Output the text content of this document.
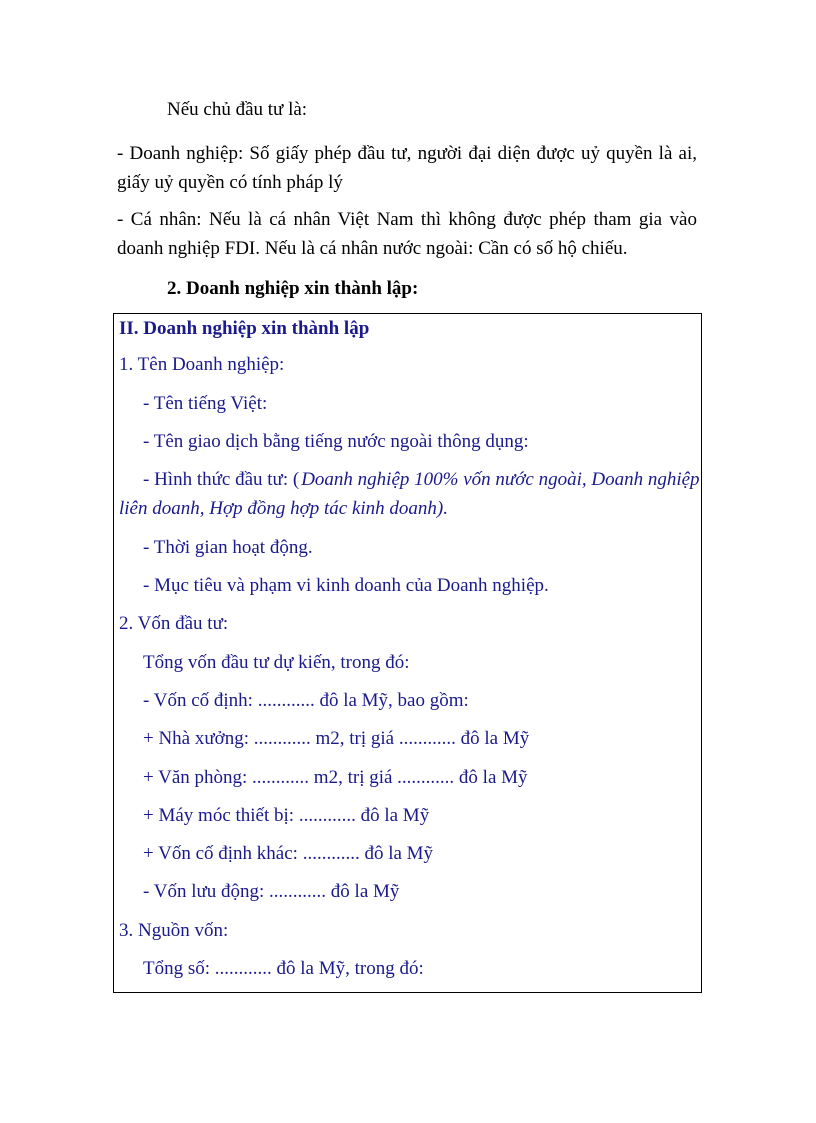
Nếu chủ đầu tư là:
- Doanh nghiệp: Số giấy phép đầu tư, người đại diện được uỷ quyền là ai,
giấy uỷ quyền có tính pháp lý
- Cá nhân: Nếu là cá nhân Việt Nam thì không được phép tham gia vào
doanh nghiệp FDI. Nếu là cá nhân nước ngoài: Cần có số hộ chiếu.
2. Doanh nghiệp xin thành lập:
II. Doanh nghiệp xin thành lập
1. Tên Doanh nghiệp:
- Tên tiếng Việt:
- Tên giao dịch bằng tiếng nước ngoài thông dụng:
- Hình thức đầu tư: ( Doanh nghiệp 100% vốn nước ngoài, Doanh nghiệp
liên doanh, Hợp đồng hợp tác kinh doanh).
- Thời gian hoạt động.
- Mục tiêu và phạm vi kinh doanh của Doanh nghiệp.
2. Vốn đầu tư:
Tổng vốn đầu tư dự kiến, trong đó:
- Vốn cố định: ............ đô la Mỹ, bao gồm:
+ Nhà xưởng: ............ m2, trị giá ............ đô la Mỹ
+ Văn phòng: ............ m2, trị giá ............ đô la Mỹ
+ Máy móc thiết bị: ............ đô la Mỹ
+ Vốn cố định khác: ............ đô la Mỹ
- Vốn lưu động: ............ đô la Mỹ
3. Nguồn vốn:
Tổng số: ............ đô la Mỹ, trong đó:
